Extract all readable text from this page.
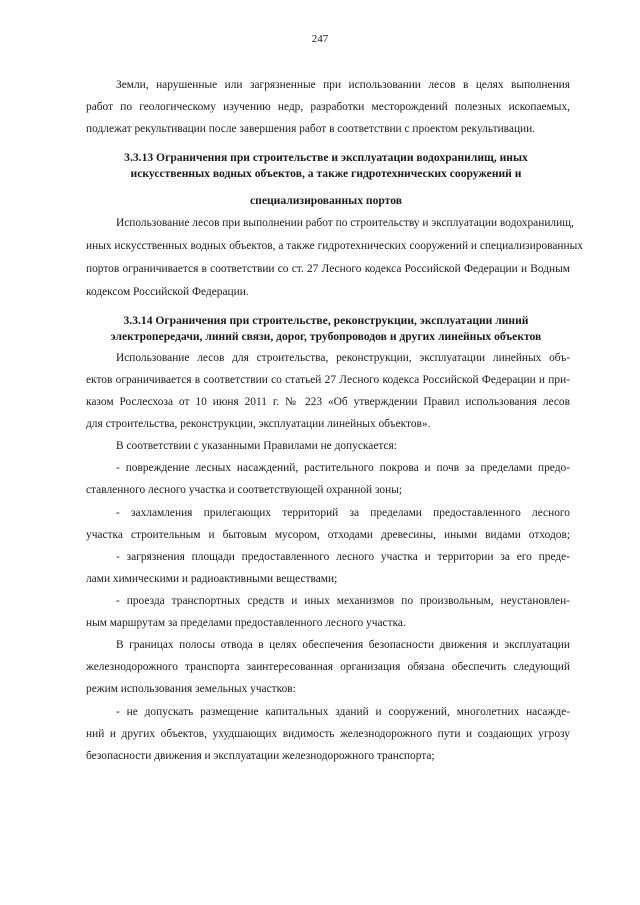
247
Земли, нарушенные или загрязненные при использовании лесов в целях выполнения
работ по геологическому изучению недр, разработки месторождений полезных ископаемых,
подлежат рекультивации после завершения работ в соответствии с проектом рекультивации.
3.3.13 Ограничения при строительстве и эксплуатации водохранилищ, иных
искусственных водных объектов, а также гидротехнических сооружений и
специализированных портов
Использование лесов при выполнении работ по строительству и эксплуатации водохранилищ,
иных искусственных водных объектов, а также гидротехнических сооружений и специализированных
портов ограничивается в соответствии со ст. 27 Лесного кодекса Российской Федерации и Водным
кодексом Российской Федерации.
3.3.14 Ограничения при строительстве, реконструкции, эксплуатации линий
электропередачи, линий связи, дорог, трубопроводов и других линейных объектов
Использование лесов для строительства, реконструкции, эксплуатации линейных объ-
ектов ограничивается в соответствии со статьей 27 Лесного кодекса Российской Федерации и при-
казом Рослесхоза от 10 июня 2011 г. № 223 «Об утверждении Правил использования лесов
для строительства, реконструкции, эксплуатации линейных объектов».
В соответствии с указанными Правилами не допускается:
- повреждение лесных насаждений, растительного покрова и почв за пределами предо-
ставленного лесного участка и соответствующей охранной зоны;
- захламления прилегающих территорий за пределами предоставленного лесного
участка строительным и бытовым мусором, отходами древесины, иными видами отходов;
- загрязнения площади предоставленного лесного участка и территории за его преде-
лами химическими и радиоактивными веществами;
- проезда транспортных средств и иных механизмов по произвольным, неустановлен-
ным маршрутам за пределами предоставленного лесного участка.
В границах полосы отвода в целях обеспечения безопасности движения и эксплуатации
железнодорожного транспорта заинтересованная организация обязана обеспечить следующий
режим использования земельных участков:
- не допускать размещение капитальных зданий и сооружений, многолетних насажде-
ний и других объектов, ухудшающих видимость железнодорожного пути и создающих угрозу
безопасности движения и эксплуатации железнодорожного транспорта;
